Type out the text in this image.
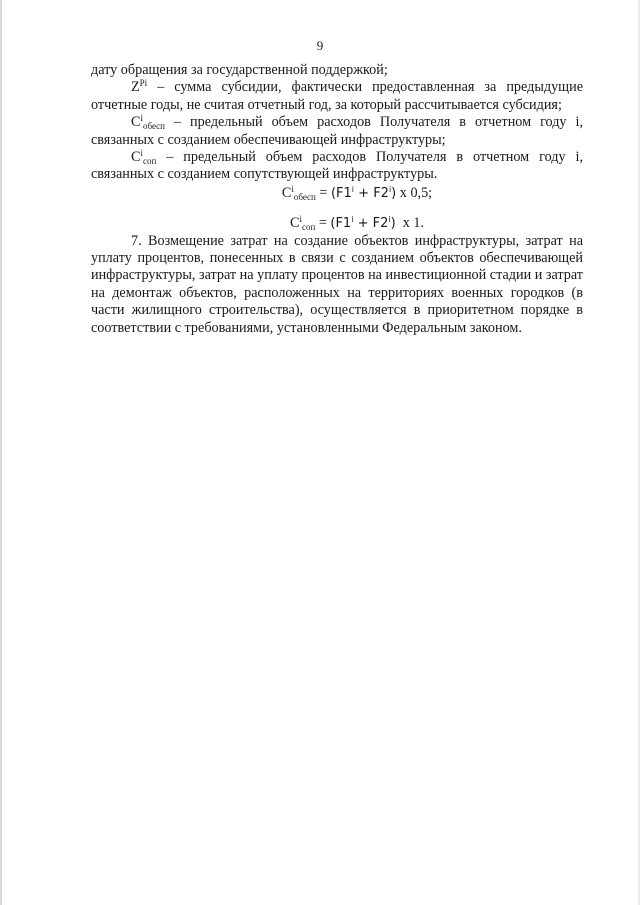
9

дату обращения за государственной поддержкой;

$Z^{Pi}$ – сумма субсидии, фактически предоставленная за предыдущие отчетные годы, не считая отчетный год, за который рассчитывается субсидия;

$C^i_{обесп}$ – предельный объем расходов Получателя в отчетном году i, связанных с созданием обеспечивающей инфраструктуры;

$C^i_{соп}$ – предельный объем расходов Получателя в отчетном году i, связанных с созданием сопутствующей инфраструктуры.

$C^i_{обесп} = (F1^i + F2^i)$ х 0,5;

$C^i_{соп} = (F1^i + F2^i)$  х 1.

7. Возмещение затрат на создание объектов инфраструктуры, затрат на уплату процентов, понесенных в связи с созданием объектов обеспечивающей инфраструктуры, затрат на уплату процентов на инвестиционной стадии и затрат на демонтаж объектов, расположенных на территориях военных городков (в части жилищного строительства), осуществляется в приоритетном порядке в соответствии с требованиями, установленными Федеральным законом.
